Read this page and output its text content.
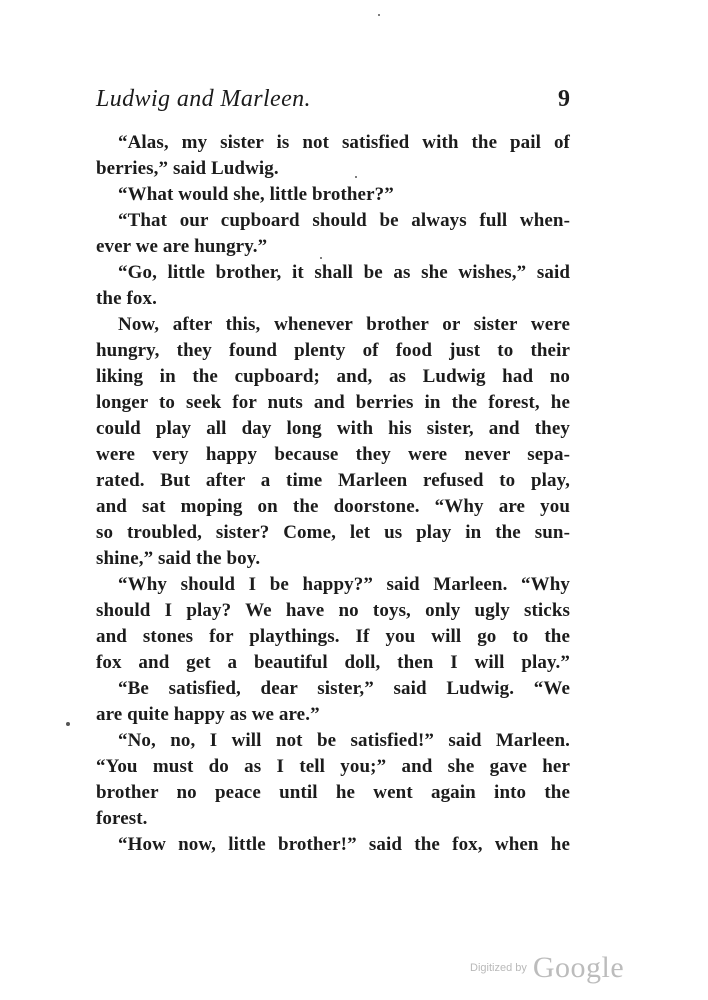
Ludwig and Marleen.	9
“Alas, my sister is not satisfied with the pail of
berries,” said Ludwig.
“What would she, little brother?”
“That our cupboard should be always full when-
ever we are hungry.”
“Go, little brother, it shall be as she wishes,” said
the fox.
Now, after this, whenever brother or sister were
hungry, they found plenty of food just to their
liking in the cupboard; and, as Ludwig had no
longer to seek for nuts and berries in the forest, he
could play all day long with his sister, and they
were very happy because they were never sepa-
rated. But after a time Marleen refused to play,
and sat moping on the doorstone. “Why are you
so troubled, sister? Come, let us play in the sun-
shine,” said the boy.
“Why should I be happy?” said Marleen. “Why
should I play? We have no toys, only ugly sticks
and stones for playthings. If you will go to the
fox and get a beautiful doll, then I will play.”
“Be satisfied, dear sister,” said Ludwig. “We
are quite happy as we are.”
“No, no, I will not be satisfied!” said Marleen.
“You must do as I tell you;” and she gave her
brother no peace until he went again into the
forest.
“How now, little brother!” said the fox, when he
Digitized by Google
